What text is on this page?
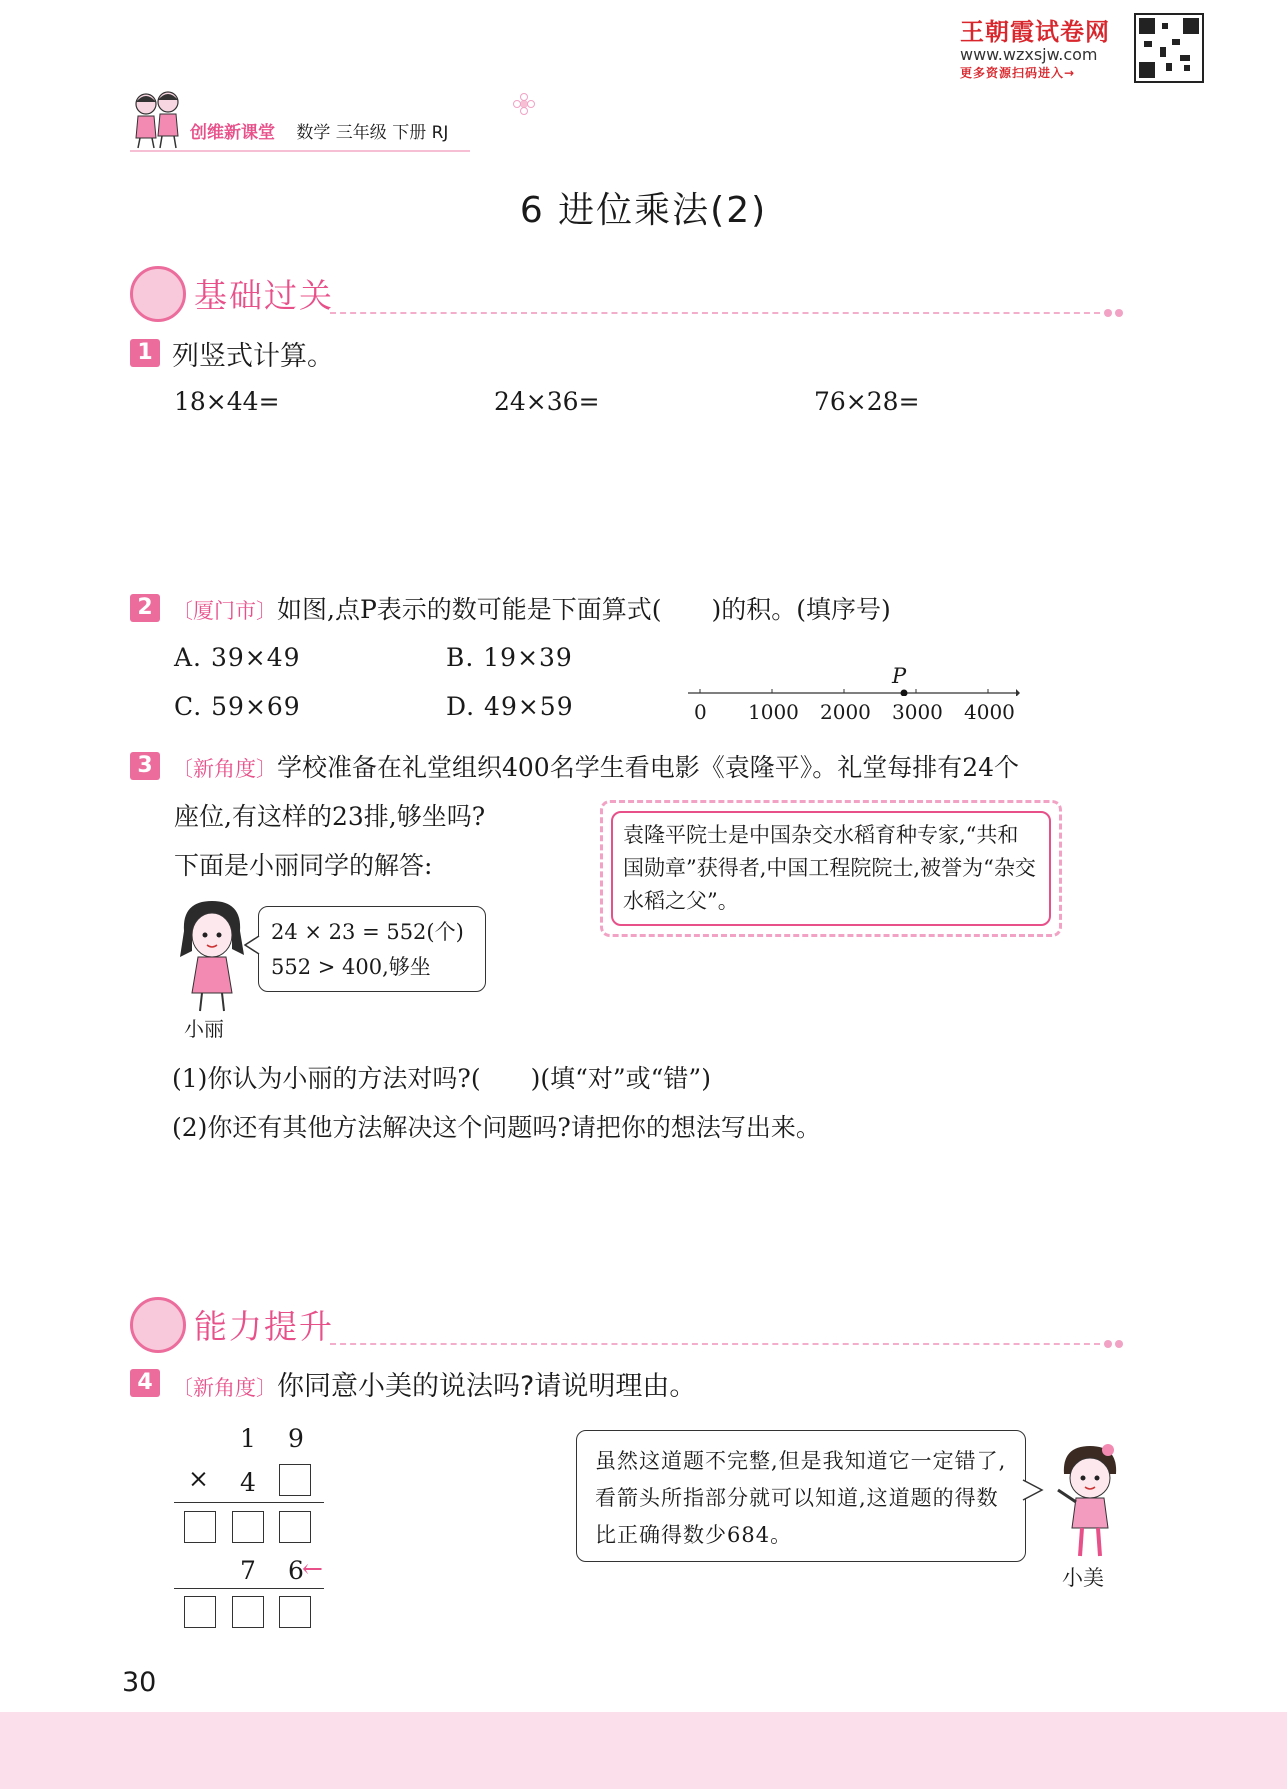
王朝霞试卷网
www.wzxsjw.com
更多资源扫码进入→
创维新课堂 数学 三年级 下册 RJ
6 进位乘法(2)
基础过关
1 列竖式计算。
18×44=	24×36=	76×28=
2 〔厦门市〕如图,点P表示的数可能是下面算式(　　)的积。(填序号)
A. 39×49	B. 19×39
C. 59×69	D. 49×59
P
0 1000 2000 3000 4000
3 〔新角度〕学校准备在礼堂组织400名学生看电影《袁隆平》。礼堂每排有24个
座位,有这样的23排,够坐吗?
下面是小丽同学的解答:
袁隆平院士是中国杂交水稻育种专家,“共和国勋章”获得者,中国工程院院士,被誉为“杂交水稻之父”。
小丽
24 × 23 = 552(个)
552 > 400,够坐
(1)你认为小丽的方法对吗?(　　)(填“对”或“错”)
(2)你还有其他方法解决这个问题吗?请把你的想法写出来。
能力提升
4 〔新角度〕你同意小美的说法吗?请说明理由。
1 9
× 4
7 6
←
虽然这道题不完整,但是我知道它一定错了,看箭头所指部分就可以知道,这道题的得数比正确得数少684。
小美
30
